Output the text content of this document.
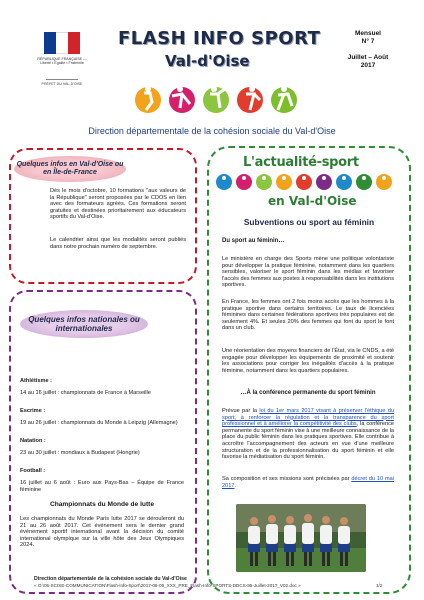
RÉPUBLIQUE FRANÇAISE — Liberté • Égalité • Fraternité
PRÉFET DU VAL-D'OISE
FLASH INFO SPORT
Val-d'Oise
Mensuel
N° 7
Juillet – Août 2017
Direction départementale de la cohésion sociale du Val-d'Oise
Quelques infos en Val-d'Oise ou en Île-de-France
Dès le mois d'octobre, 10 formations "aux valeurs de la République" seront proposées par le CDOS en lien avec des formateurs agréés. Ces formations seront gratuites et destinées prioritairement aux éducateurs sportifs du Val-d'Oise.
Le calendrier ainsi que les modalités seront publiés dans notre prochain numéro de septembre.
Quelques infos nationales ou internationales
Athlétisme :
14 au 16 juillet : championnats de France à Marseille
Escrime :
19 au 26 juillet : championnats du Monde à Leipzig (Allemagne)
Natation :
23 au 30 juillet : mondiaux à Budapest (Hongrie)
Football :
16 juillet au 6 août : Euro aux Pays-Bas – Équipe de France féminine
Championnats du Monde de lutte
Les championnats du Monde Paris lutte 2017 se dérouleront du 21 au 26 août 2017. Cet événement sera le dernier grand événement sportif international avant la décision du comité international olympique sur la ville hôte des Jeux Olympiques 2024.
L'actualité-sport
en Val-d'Oise
Subventions ou sport au féminin
Du sport au féminin…
Le ministère en charge des Sports mène une politique volontariste pour développer la pratique féminine, notamment dans les quartiers sensibles, valoriser le sport féminin dans les médias et favoriser l'accès des femmes aux postes à responsabilités dans les institutions sportives.
En France, les femmes ont 2 fois moins accès que les hommes à la pratique sportive dans certains territoires. Le taux de licenciées féminines dans certaines fédérations sportives très populaires est de seulement 4%. Et seules 20% des femmes qui font du sport le font dans un club.
Une réorientation des moyens financiers de l'État, via le CNDS, a été engagée pour développer les équipements de proximité et soutenir les associations pour corriger les inégalités d'accès à la pratique féminine, notamment dans les quartiers populaires.
…À la conférence permanente du sport féminin
Prévue par la loi du 1er mars 2017 visant à préserver l'éthique du sport, à renforcer la régulation et la transparence du sport professionnel et à améliorer la compétitivité des clubs, la conférence permanente du sport féminin vise à une meilleure connaissance de la place du public féminin dans les pratiques sportives. Elle contribue à accroître l'accompagnement des acteurs en vue d'une meilleure structuration et de la professionnalisation du sport féminin et elle favorise la médiatisation du sport féminin.
Sa composition et ses missions sont précisées par décret du 10 mai 2017.
Direction départementale de la cohésion sociale du Val-d'Oise
« O:\05-SCISE-COMMUNICATION\Flash-info-Sport\2017-06-09_XXX_PRE_Flash-Info-SPORTS-DDCS-95-Juillet-2017_V02.doc »	1/2
